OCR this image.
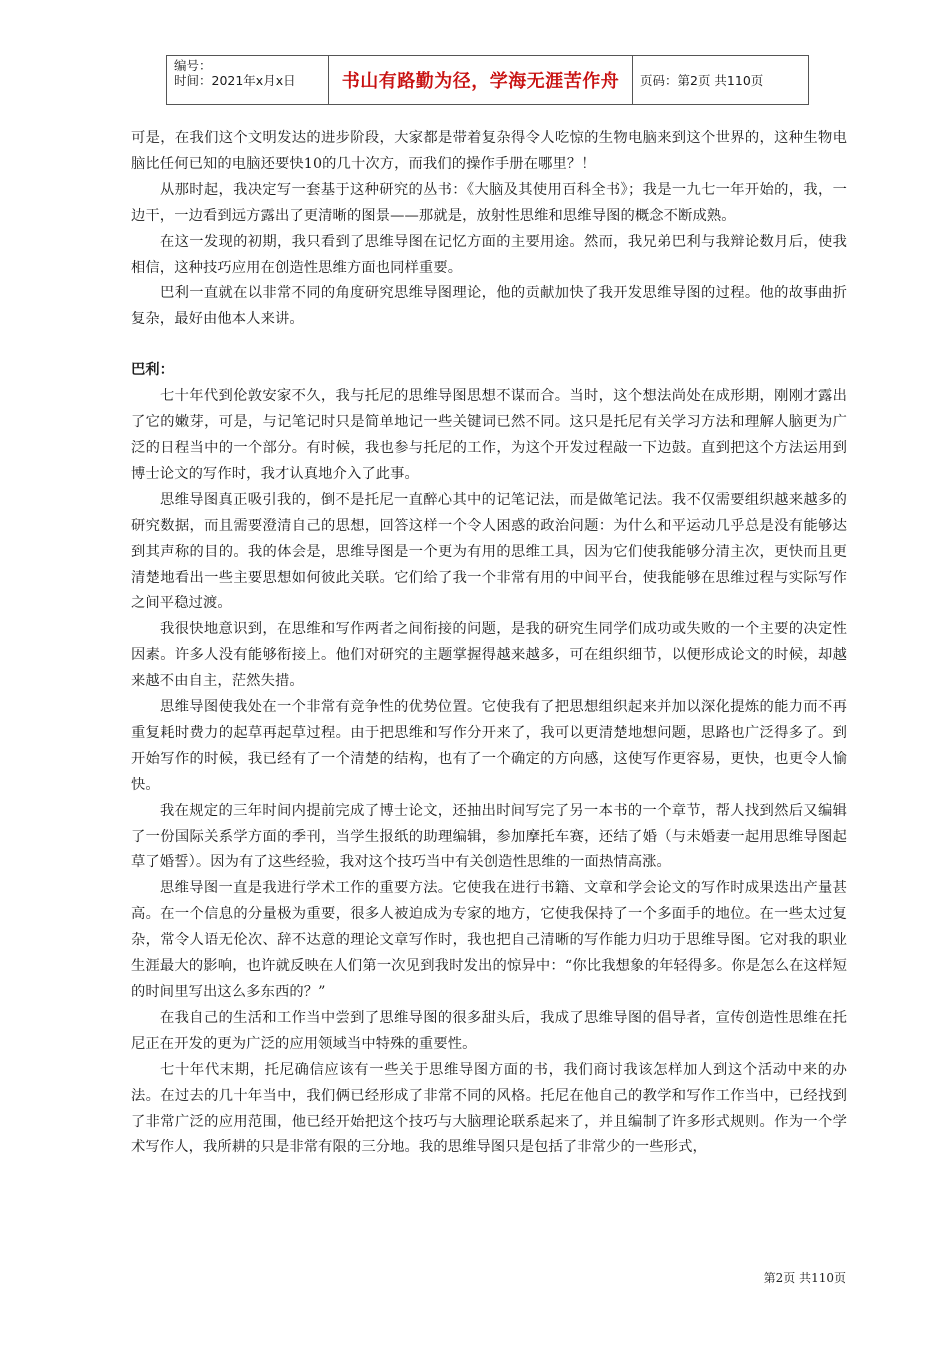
编号：
时间：2021年x月x日	书山有路勤为径，学海无涯苦作舟 页码：第2页 共110页

可是，在我们这个文明发达的进步阶段，大家都是带着复杂得令人吃惊的生物电脑来到这个世界的，这种生物电脑比任何已知的电脑还要快10的几十次方，而我们的操作手册在哪里？！

从那时起，我决定写一套基于这种研究的丛书：《大脑及其使用百科全书》；我是一九七一年开始的，我，一边干，一边看到远方露出了更清晰的图景——那就是，放射性思维和思维导图的概念不断成熟。

在这一发现的初期，我只看到了思维导图在记忆方面的主要用途。然而，我兄弟巴利与我辩论数月后，使我相信，这种技巧应用在创造性思维方面也同样重要。

巴利一直就在以非常不同的角度研究思维导图理论，他的贡献加快了我开发思维导图的过程。他的故事曲折复杂，最好由他本人来讲。

巴利：

七十年代到伦敦安家不久，我与托尼的思维导图思想不谋而合。当时，这个想法尚处在成形期，刚刚才露出了它的嫩芽，可是，与记笔记时只是简单地记一些关键词已然不同。这只是托尼有关学习方法和理解人脑更为广泛的日程当中的一个部分。有时候，我也参与托尼的工作，为这个开发过程敲一下边鼓。直到把这个方法运用到博士论文的写作时，我才认真地介入了此事。

思维导图真正吸引我的，倒不是托尼一直醉心其中的记笔记法，而是做笔记法。我不仅需要组织越来越多的研究数据，而且需要澄清自己的思想，回答这样一个令人困惑的政治问题：为什么和平运动几乎总是没有能够达到其声称的目的。我的体会是，思维导图是一个更为有用的思维工具，因为它们使我能够分清主次，更快而且更清楚地看出一些主要思想如何彼此关联。它们给了我一个非常有用的中间平台，使我能够在思维过程与实际写作之间平稳过渡。

我很快地意识到，在思维和写作两者之间衔接的问题，是我的研究生同学们成功或失败的一个主要的决定性因素。许多人没有能够衔接上。他们对研究的主题掌握得越来越多，可在组织细节，以便形成论文的时候，却越来越不由自主，茫然失措。

思维导图使我处在一个非常有竞争性的优势位置。它使我有了把思想组织起来并加以深化提炼的能力而不再重复耗时费力的起草再起草过程。由于把思维和写作分开来了，我可以更清楚地想问题，思路也广泛得多了。到开始写作的时候，我已经有了一个清楚的结构，也有了一个确定的方向感，这使写作更容易，更快，也更令人愉快。

我在规定的三年时间内提前完成了博士论文，还抽出时间写完了另一本书的一个章节，帮人找到然后又编辑了一份国际关系学方面的季刊，当学生报纸的助理编辑，参加摩托车赛，还结了婚（与未婚妻一起用思维导图起草了婚誓）。因为有了这些经验，我对这个技巧当中有关创造性思维的一面热情高涨。

思维导图一直是我进行学术工作的重要方法。它使我在进行书籍、文章和学会论文的写作时成果迭出产量甚高。在一个信息的分量极为重要，很多人被迫成为专家的地方，它使我保持了一个多面手的地位。在一些太过复杂，常令人语无伦次、辞不达意的理论文章写作时，我也把自己清晰的写作能力归功于思维导图。它对我的职业生涯最大的影响，也许就反映在人们第一次见到我时发出的惊异中：“你比我想象的年轻得多。你是怎么在这样短的时间里写出这么多东西的？”

在我自己的生活和工作当中尝到了思维导图的很多甜头后，我成了思维导图的倡导者，宣传创造性思维在托尼正在开发的更为广泛的应用领域当中特殊的重要性。

七十年代末期，托尼确信应该有一些关于思维导图方面的书，我们商讨我该怎样加人到这个活动中来的办法。在过去的几十年当中，我们俩已经形成了非常不同的风格。托尼在他自己的教学和写作工作当中，已经找到了非常广泛的应用范围，他已经开始把这个技巧与大脑理论联系起来了，并且编制了许多形式规则。作为一个学术写作人，我所耕的只是非常有限的三分地。我的思维导图只是包括了非常少的一些形式，

第2页 共110页
